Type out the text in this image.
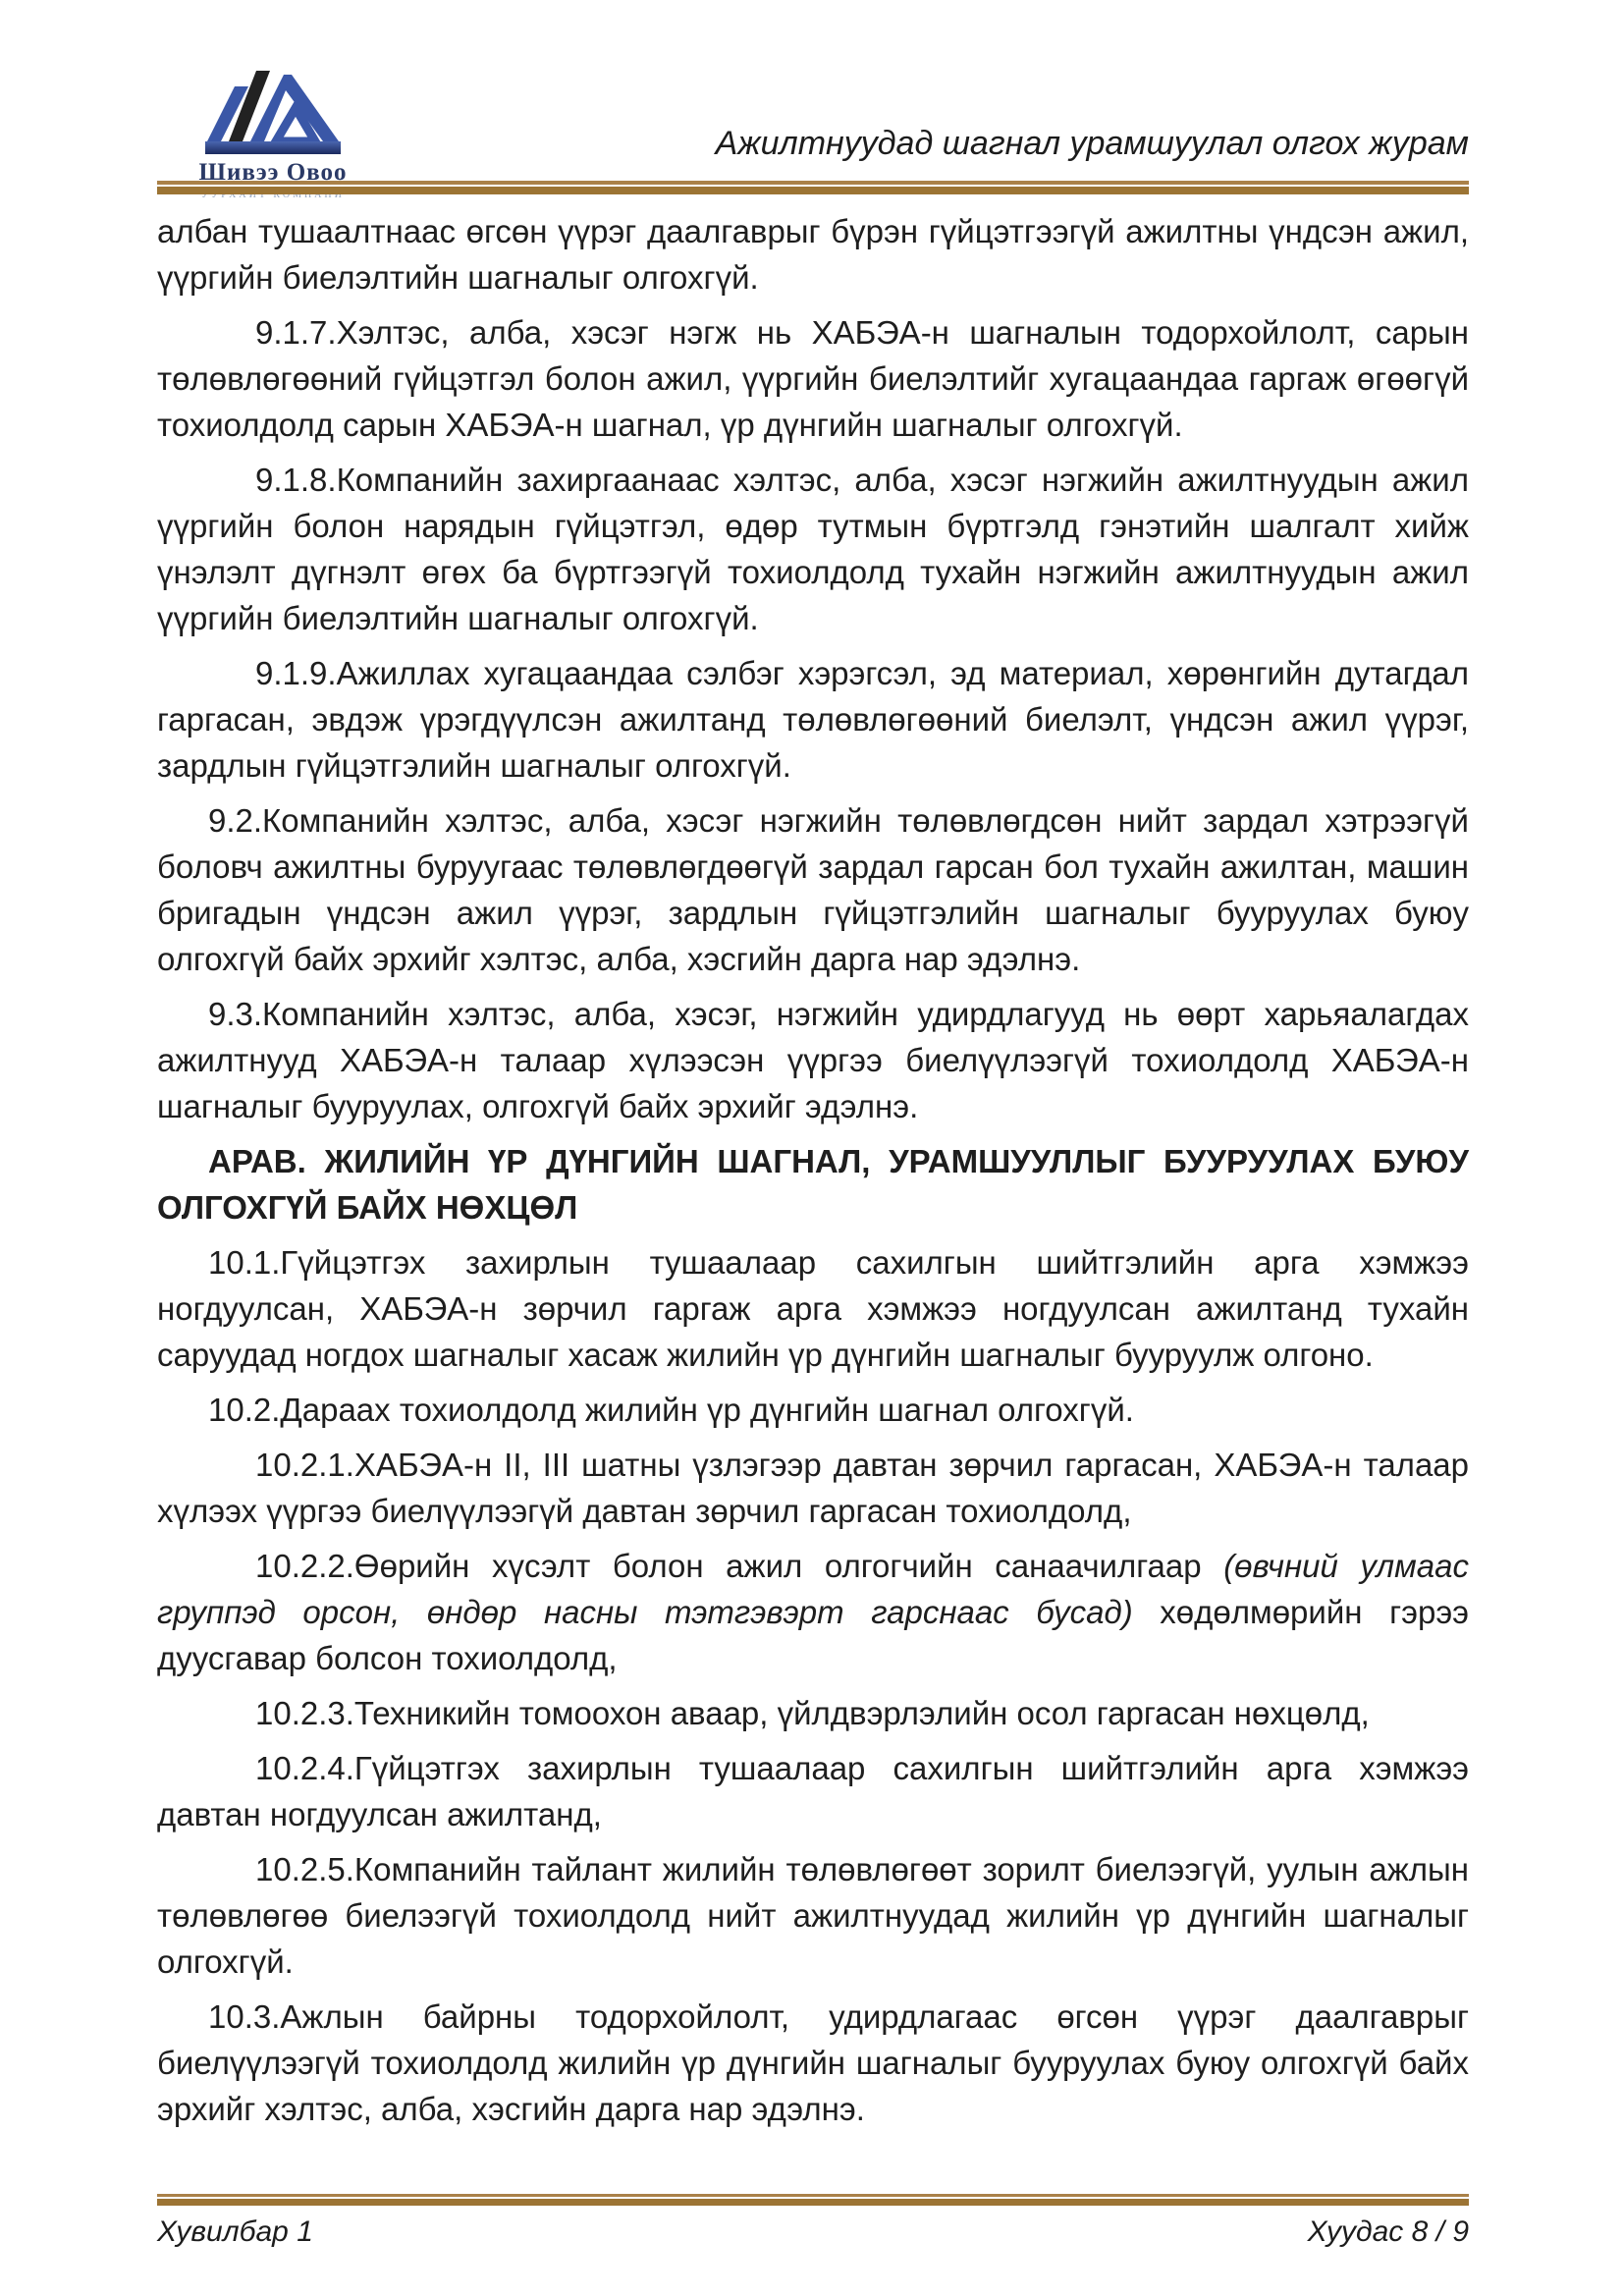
Шивээ Овоо
УУРХАЙТ КОМПАНИ
Ажилтнуудад шагнал урамшуулал олгох журам

албан тушаалтнаас өгсөн үүрэг даалгаврыг бүрэн гүйцэтгээгүй ажилтны үндсэн ажил, үүргийн биелэлтийн шагналыг олгохгүй.

9.1.7.Хэлтэс, алба, хэсэг нэгж нь ХАБЭА-н шагналын тодорхойлолт, сарын төлөвлөгөөний гүйцэтгэл болон ажил, үүргийн биелэлтийг хугацаандаа гаргаж өгөөгүй тохиолдолд сарын ХАБЭА-н шагнал, үр дүнгийн шагналыг олгохгүй.

9.1.8.Компанийн захиргаанаас хэлтэс, алба, хэсэг нэгжийн ажилтнуудын ажил үүргийн болон нарядын гүйцэтгэл, өдөр тутмын бүртгэлд гэнэтийн шалгалт хийж үнэлэлт дүгнэлт өгөх ба бүртгээгүй тохиолдолд тухайн нэгжийн ажилтнуудын ажил үүргийн биелэлтийн шагналыг олгохгүй.

9.1.9.Ажиллах хугацаандаа сэлбэг хэрэгсэл, эд материал, хөрөнгийн дутагдал гаргасан, эвдэж үрэгдүүлсэн ажилтанд төлөвлөгөөний биелэлт, үндсэн ажил үүрэг, зардлын гүйцэтгэлийн шагналыг олгохгүй.

9.2.Компанийн хэлтэс, алба, хэсэг нэгжийн төлөвлөгдсөн нийт зардал хэтрээгүй боловч ажилтны буруугаас төлөвлөгдөөгүй зардал гарсан бол тухайн ажилтан, машин бригадын үндсэн ажил үүрэг, зардлын гүйцэтгэлийн шагналыг бууруулах буюу олгохгүй байх эрхийг хэлтэс, алба, хэсгийн дарга нар эдэлнэ.

9.3.Компанийн хэлтэс, алба, хэсэг, нэгжийн удирдлагууд нь өөрт харьяалагдах ажилтнууд ХАБЭА-н талаар хүлээсэн үүргээ биелүүлээгүй тохиолдолд ХАБЭА-н шагналыг бууруулах, олгохгүй байх эрхийг эдэлнэ.

АРАВ. ЖИЛИЙН ҮР ДҮНГИЙН ШАГНАЛ, УРАМШУУЛЛЫГ БУУРУУЛАХ БУЮУ ОЛГОХГҮЙ БАЙХ НӨХЦӨЛ

10.1.Гүйцэтгэх захирлын тушаалаар сахилгын шийтгэлийн арга хэмжээ ногдуулсан, ХАБЭА-н зөрчил гаргаж арга хэмжээ ногдуулсан ажилтанд тухайн саруудад ногдох шагналыг хасаж жилийн үр дүнгийн шагналыг бууруулж олгоно.

10.2.Дараах тохиолдолд жилийн үр дүнгийн шагнал олгохгүй.

10.2.1.ХАБЭА-н II, III шатны үзлэгээр давтан зөрчил гаргасан, ХАБЭА-н талаар хүлээх үүргээ биелүүлээгүй давтан зөрчил гаргасан тохиолдолд,

10.2.2.Өөрийн хүсэлт болон ажил олгогчийн санаачилгаар (өвчний улмаас группэд орсон, өндөр насны тэтгэвэрт гарснаас бусад) хөдөлмөрийн гэрээ дуусгавар болсон тохиолдолд,

10.2.3.Техникийн томоохон аваар, үйлдвэрлэлийн осол гаргасан нөхцөлд,

10.2.4.Гүйцэтгэх захирлын тушаалаар сахилгын шийтгэлийн арга хэмжээ давтан ногдуулсан ажилтанд,

10.2.5.Компанийн тайлант жилийн төлөвлөгөөт зорилт биелээгүй, уулын ажлын төлөвлөгөө биелээгүй тохиолдолд нийт ажилтнуудад жилийн үр дүнгийн шагналыг олгохгүй.

10.3.Ажлын байрны тодорхойлолт, удирдлагаас өгсөн үүрэг даалгаврыг биелүүлээгүй тохиолдолд жилийн үр дүнгийн шагналыг бууруулах буюу олгохгүй байх эрхийг хэлтэс, алба, хэсгийн дарга нар эдэлнэ.

Хувилбар 1	Хуудас 8 / 9
